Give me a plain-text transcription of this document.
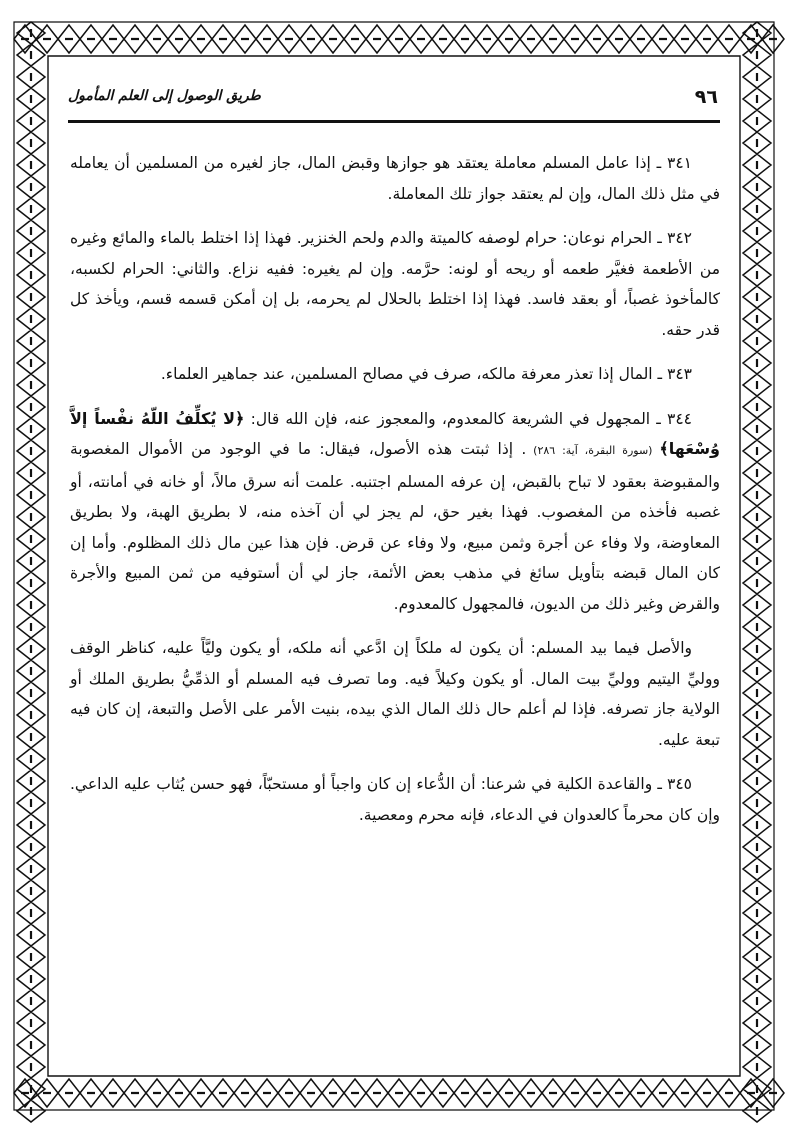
٩٦
طريق الوصول إلى العلم المأمول

٣٤١ ـ إذا عامل المسلم معاملة يعتقد هو جوازها وقبض المال، جاز لغيره من المسلمين أن يعامله في مثل ذلك المال، وإن لم يعتقد جواز تلك المعاملة.

٣٤٢ ـ الحرام نوعان: حرام لوصفه كالميتة والدم ولحم الخنزير. فهذا إذا اختلط بالماء والمائع وغيره من الأطعمة فغيَّر طعمه أو ريحه أو لونه: حرَّمه. وإن لم يغيره: ففيه نزاع. والثاني: الحرام لكسبه، كالمأخوذ غصباً، أو بعقد فاسد. فهذا إذا اختلط بالحلال لم يحرمه، بل إن أمكن قسمه قسم، ويأخذ كل قدر حقه.

٣٤٣ ـ المال إذا تعذر معرفة مالكه، صرف في مصالح المسلمين، عند جماهير العلماء.

٣٤٤ ـ المجهول في الشريعة كالمعدوم، والمعجوز عنه، فإن الله قال: ﴿لا يُكلِّفُ اللّهُ نفْساً إلاَّ وُسْعَها﴾ (سورة البقرة، آية: ٢٨٦) . إذا ثبتت هذه الأصول، فيقال: ما في الوجود من الأموال المغصوبة والمقبوضة بعقود لا تباح بالقبض، إن عرفه المسلم اجتنبه. علمت أنه سرق مالاً، أو خانه في أمانته، أو غصبه فأخذه من المغصوب. فهذا بغير حق، لم يجز لي أن آخذه منه، لا بطريق الهبة، ولا بطريق المعاوضة، ولا وفاء عن أجرة وثمن مبيع، ولا وفاء عن قرض. فإن هذا عين مال ذلك المظلوم. وأما إن كان المال قبضه بتأويل سائغ في مذهب بعض الأئمة، جاز لي أن أستوفيه من ثمن المبيع والأجرة والقرض وغير ذلك من الديون، فالمجهول كالمعدوم.

والأصل فيما بيد المسلم: أن يكون له ملكاً إن ادَّعي أنه ملكه، أو يكون وليَّاً عليه، كناظر الوقف ووليِّ اليتيم ووليِّ بيت المال. أو يكون وكيلاً فيه. وما تصرف فيه المسلم أو الذمِّيُّ بطريق الملك أو الولاية جاز تصرفه. فإذا لم أعلم حال ذلك المال الذي بيده، بنيت الأمر على الأصل والتبعة، إن كان فيه تبعة عليه.

٣٤٥ ـ والقاعدة الكلية في شرعنا: أن الدُّعاء إن كان واجباً أو مستحبّاً، فهو حسن يُثاب عليه الداعي. وإن كان محرماً كالعدوان في الدعاء، فإنه محرم ومعصية.
